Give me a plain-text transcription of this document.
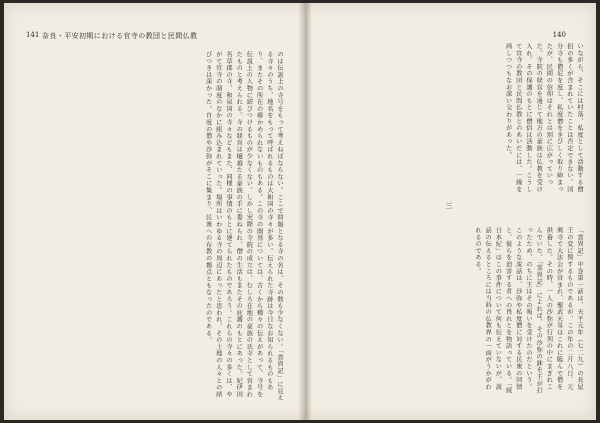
141 奈良・平安初期における官寺の教団と民間仏教
のは伝説上の寺号をもって考えねばならない。ここで問題となる寺の名は、その数も少なくない。「霊異記」に見える寺々のうち、地名をもって呼ばれるものは大和国の寺々が多い。伝えられた寺跡は今日なお知られるものもあり、またその所在の確かめられないものもある。この寺の開基については、古くから種々の伝えがあって、寺号を伝説上の人物に結びつけるものが少なくない。しかし実際の寺院の成立は、むしろ在地の豪族の氏寺として営まれたものと考えられる。寺の経営は檀越たる豪族の手に委ねられ、僧の生活もまたその庇護のもとにあった。紀伊国名草郡の寺、和泉国の寺々などもまた、同様の事情のもとに建てられたものであろう。これらの寺々の多くは、やがて官寺の制度のなかに組み込まれていった。場所はいわゆる寺の周辺にあったと思われ、その土地の人々との結びつきは深かった。自度の僧や沙弥がそこに集まり、民衆への布教の拠点ともなったのである。
140
いながら、そこには村落、私度として活動する僧侶の多くが含まれていたことは否定できない。国分寺も僧尼を度し、私度僧をきびしく取り締まったが、民間の信仰はそれとは別に広がっていった。寺院の経営を通じて地方の豪族は仏教を受け入れ、その保護のもとに僧侶は活動した。こうして官寺の教団と民間仏教とのあいだには、一線を画しつつもなお深い交わりがあった。
三
「霊異記」中巻第一話は、天平元年（七二九）の長屋王の変に関するものであるが、この年の二月八日、元興寺で大法会が営まれ、聖武天皇はこれに臨んで僧を供養した。その時、一人の沙弥が行列の中にまぎれこんでいた。「霊異記」によれば、その沙弥の鉢を王が打ったため、のちに王はその報いを受けたのだという。このような説話は、沙弥や私度僧に対する民衆の同情と、彼らを迫害する者への畏れとを物語っている。「続日本紀」はこの事件について何も伝えていないが、説話の伝えるところには当時の仏教界の一面がうかがわれるのである。
